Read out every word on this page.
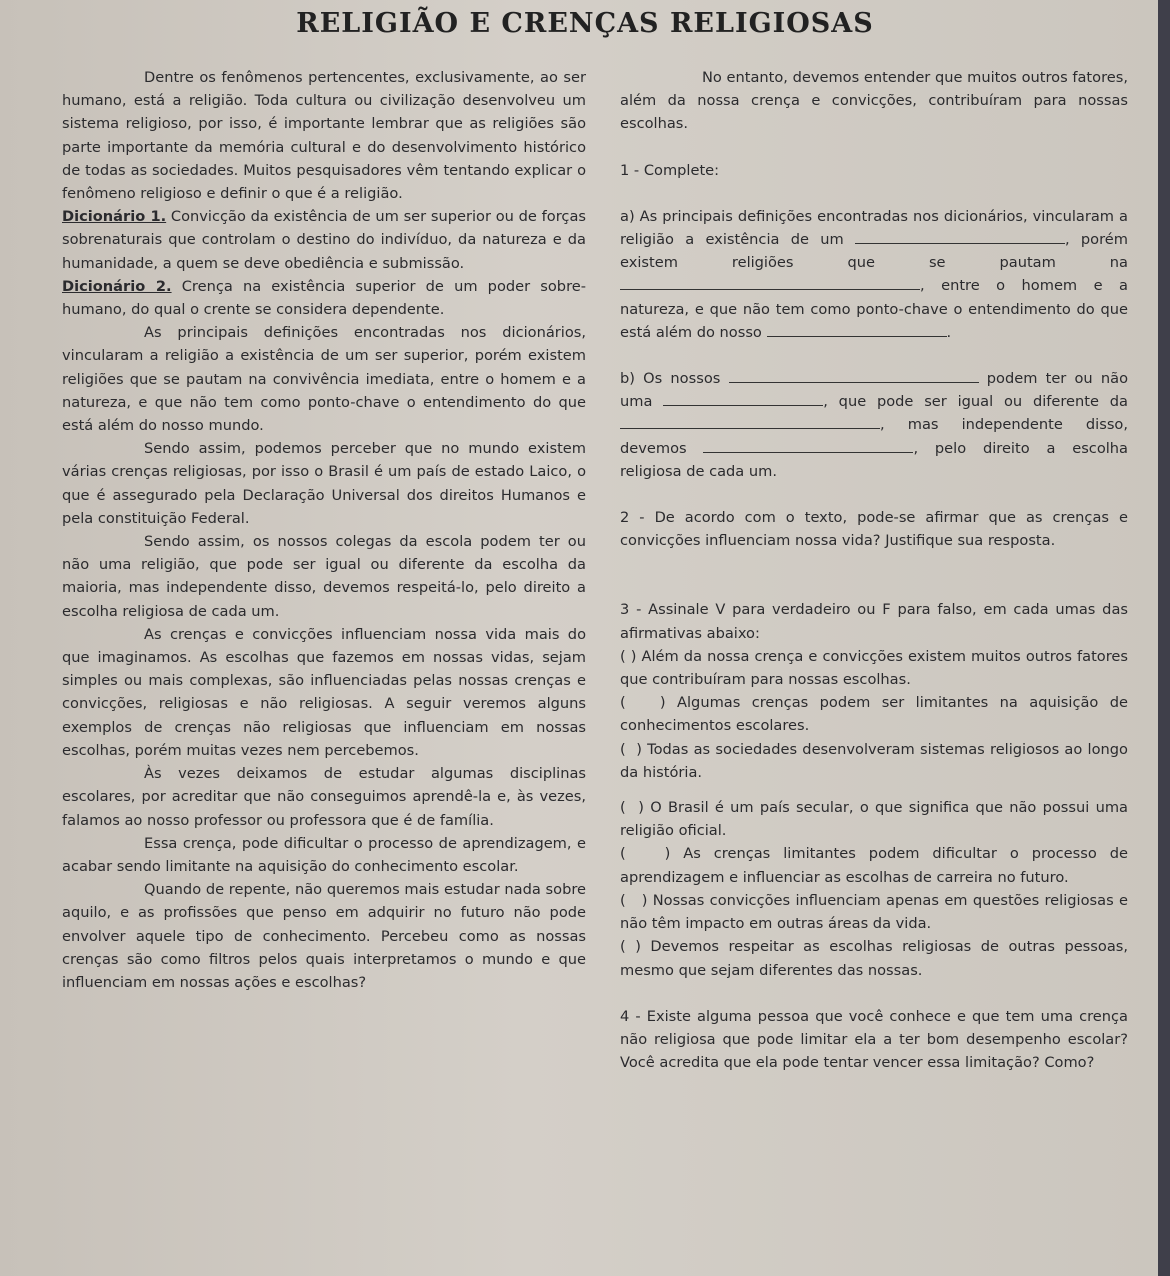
RELIGIÃO E CRENÇAS RELIGIOSAS

Dentre os fenômenos pertencentes, exclusivamente, ao ser humano, está a religião. Toda cultura ou civilização desenvolveu um sistema religioso, por isso, é importante lembrar que as religiões são parte importante da memória cultural e do desenvolvimento histórico de todas as sociedades. Muitos pesquisadores vêm tentando explicar o fenômeno religioso e definir o que é a religião.

Dicionário 1. Convicção da existência de um ser superior ou de forças sobrenaturais que controlam o destino do indivíduo, da natureza e da humanidade, a quem se deve obediência e submissão.

Dicionário 2. Crença na existência superior de um poder sobre-humano, do qual o crente se considera dependente.

As principais definições encontradas nos dicionários, vincularam a religião a existência de um ser superior, porém existem religiões que se pautam na convivência imediata, entre o homem e a natureza, e que não tem como ponto-chave o entendimento do que está além do nosso mundo.

Sendo assim, podemos perceber que no mundo existem várias crenças religiosas, por isso o Brasil é um país de estado Laico, o que é assegurado pela Declaração Universal dos direitos Humanos e pela constituição Federal.

Sendo assim, os nossos colegas da escola podem ter ou não uma religião, que pode ser igual ou diferente da escolha da maioria, mas independente disso, devemos respeitá-lo, pelo direito a escolha religiosa de cada um.

As crenças e convicções influenciam nossa vida mais do que imaginamos. As escolhas que fazemos em nossas vidas, sejam simples ou mais complexas, são influenciadas pelas nossas crenças e convicções, religiosas e não religiosas. A seguir veremos alguns exemplos de crenças não religiosas que influenciam em nossas escolhas, porém muitas vezes nem percebemos.

Às vezes deixamos de estudar algumas disciplinas escolares, por acreditar que não conseguimos aprendê-la e, às vezes, falamos ao nosso professor ou professora que é de família.

Essa crença, pode dificultar o processo de aprendizagem, e acabar sendo limitante na aquisição do conhecimento escolar.

Quando de repente, não queremos mais estudar nada sobre aquilo, e as profissões que penso em adquirir no futuro não pode envolver aquele tipo de conhecimento. Percebeu como as nossas crenças são como filtros pelos quais interpretamos o mundo e que influenciam em nossas ações e escolhas?

No entanto, devemos entender que muitos outros fatores, além da nossa crença e convicções, contribuíram para nossas escolhas.

1 - Complete:

a) As principais definições encontradas nos dicionários, vincularam a religião a existência de um	, porém existem religiões que se pautam na , entre o homem e a natureza, e que não tem como ponto-chave o entendimento do que está além do nosso	.

b) Os nossos	podem ter ou não uma	, que pode ser igual ou diferente da , mas independente disso, devemos	, pelo direito a escolha religiosa de cada um.

2 - De acordo com o texto, pode-se afirmar que as crenças e convicções influenciam nossa vida? Justifique sua resposta.

3 - Assinale V para verdadeiro ou F para falso, em cada umas das afirmativas abaixo:

( ) Além da nossa crença e convicções existem muitos outros fatores que contribuíram para nossas escolhas.

(   ) Algumas crenças podem ser limitantes na aquisição de conhecimentos escolares.

(  ) Todas as sociedades desenvolveram sistemas religiosos ao longo da história.

(  ) O Brasil é um país secular, o que significa que não possui uma religião oficial.

(   ) As crenças limitantes podem dificultar o processo de aprendizagem e influenciar as escolhas de carreira no futuro.

(   ) Nossas convicções influenciam apenas em questões religiosas e não têm impacto em outras áreas da vida.

( ) Devemos respeitar as escolhas religiosas de outras pessoas, mesmo que sejam diferentes das nossas.

4 - Existe alguma pessoa que você conhece e que tem uma crença não religiosa que pode limitar ela a ter bom desempenho escolar? Você acredita que ela pode tentar vencer essa limitação? Como?
